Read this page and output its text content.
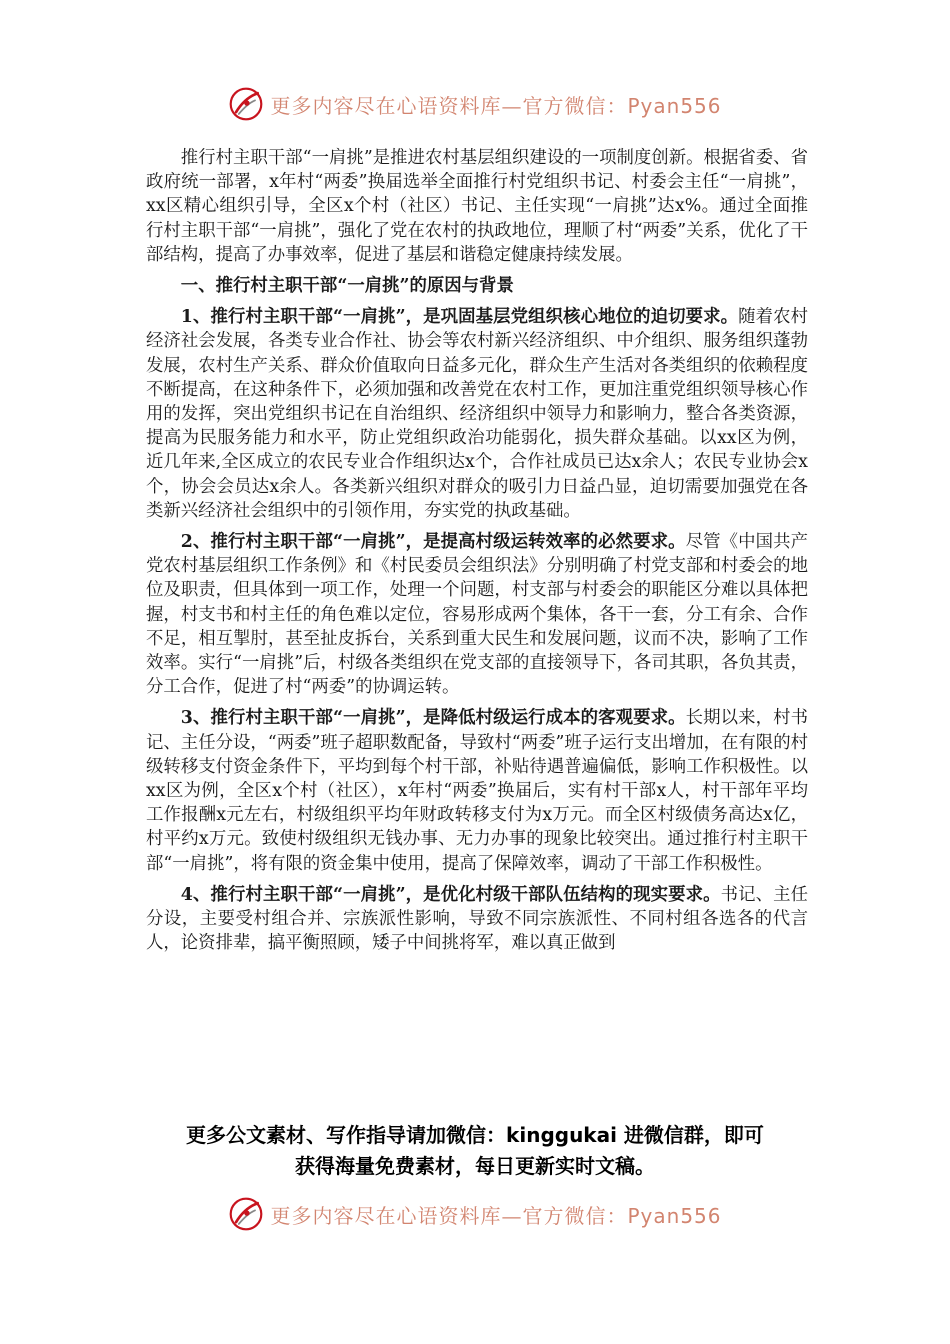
更多内容尽在心语资料库—官方微信：Pyan556

推行村主职干部“一肩挑”是推进农村基层组织建设的一项制度创新。根据省委、省政府统一部署，x年村“两委”换届选举全面推行村党组织书记、村委会主任“一肩挑”，xx区精心组织引导，全区x个村（社区）书记、主任实现“一肩挑”达x%。通过全面推行村主职干部“一肩挑”，强化了党在农村的执政地位，理顺了村“两委”关系，优化了干部结构，提高了办事效率，促进了基层和谐稳定健康持续发展。

一、推行村主职干部“一肩挑”的原因与背景

1、推行村主职干部“一肩挑”，是巩固基层党组织核心地位的迫切要求。随着农村经济社会发展，各类专业合作社、协会等农村新兴经济组织、中介组织、服务组织蓬勃发展，农村生产关系、群众价值取向日益多元化，群众生产生活对各类组织的依赖程度不断提高，在这种条件下，必须加强和改善党在农村工作，更加注重党组织领导核心作用的发挥，突出党组织书记在自治组织、经济组织中领导力和影响力，整合各类资源，提高为民服务能力和水平，防止党组织政治功能弱化，损失群众基础。以xx区为例，近几年来,全区成立的农民专业合作组织达x个，合作社成员已达x余人；农民专业协会x个，协会会员达x余人。各类新兴组织对群众的吸引力日益凸显，迫切需要加强党在各类新兴经济社会组织中的引领作用，夯实党的执政基础。

2、推行村主职干部“一肩挑”，是提高村级运转效率的必然要求。尽管《中国共产党农村基层组织工作条例》和《村民委员会组织法》分别明确了村党支部和村委会的地位及职责，但具体到一项工作，处理一个问题，村支部与村委会的职能区分难以具体把握，村支书和村主任的角色难以定位，容易形成两个集体，各干一套，分工有余、合作不足，相互掣肘，甚至扯皮拆台，关系到重大民生和发展问题，议而不决，影响了工作效率。实行“一肩挑”后，村级各类组织在党支部的直接领导下，各司其职，各负其责，分工合作，促进了村“两委”的协调运转。

3、推行村主职干部“一肩挑”，是降低村级运行成本的客观要求。长期以来，村书记、主任分设，“两委”班子超职数配备，导致村“两委”班子运行支出增加，在有限的村级转移支付资金条件下，平均到每个村干部，补贴待遇普遍偏低，影响工作积极性。以xx区为例，全区x个村（社区），x年村“两委”换届后，实有村干部x人，村干部年平均工作报酬x元左右，村级组织平均年财政转移支付为x万元。而全区村级债务高达x亿，村平约x万元。致使村级组织无钱办事、无力办事的现象比较突出。通过推行村主职干部“一肩挑”，将有限的资金集中使用，提高了保障效率，调动了干部工作积极性。

4、推行村主职干部“一肩挑”，是优化村级干部队伍结构的现实要求。书记、主任分设，主要受村组合并、宗族派性影响，导致不同宗族派性、不同村组各选各的代言人，论资排辈，搞平衡照顾，矮子中间挑将军，难以真正做到

更多公文素材、写作指导请加微信：kinggukai 进微信群，即可
获得海量免费素材，每日更新实时文稿。
更多内容尽在心语资料库—官方微信：Pyan556
